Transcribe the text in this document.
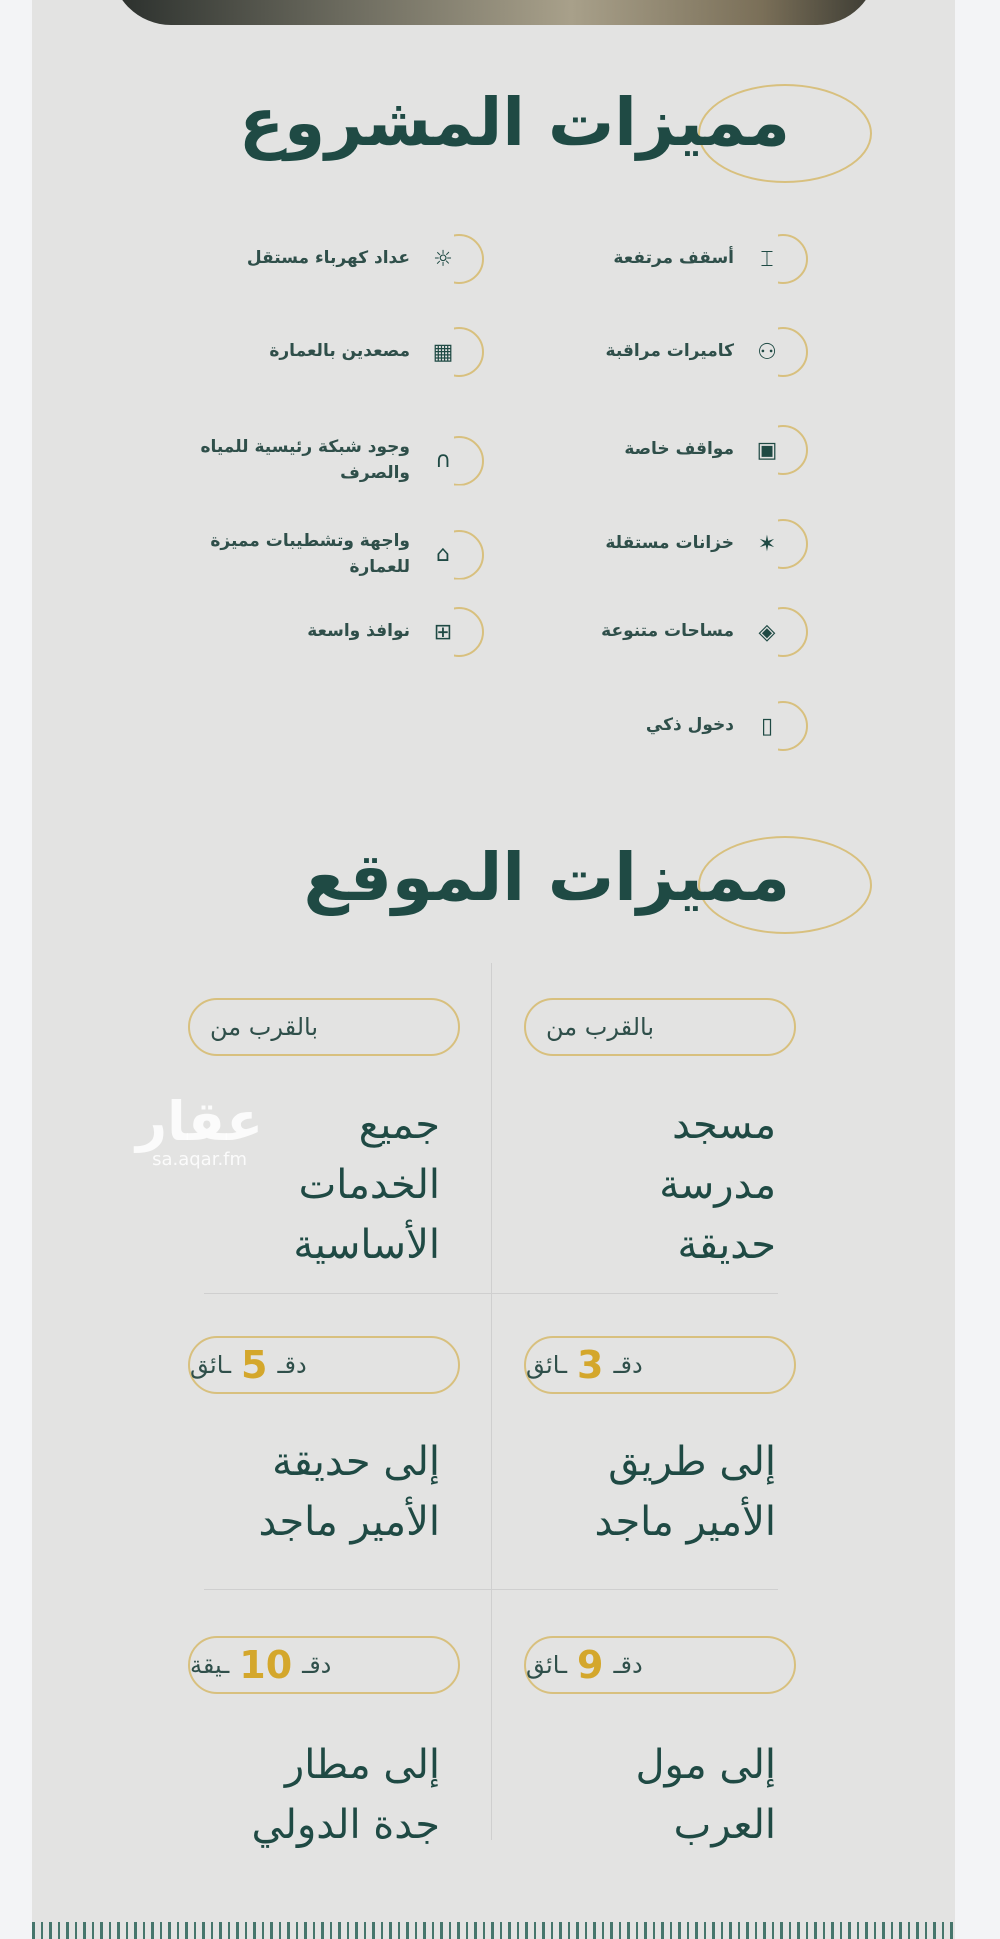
مميزات المشروع
⌶
أسقف مرتفعة
☼
عداد كهرباء مستقل
⚇
كاميرات مراقبة
▦
مصعدين بالعمارة
▣
مواقف خاصة
∩
وجود شبكة رئيسية للمياه والصرف
✶
خزانات مستقلة
⌂
واجهة وتشطيبات مميزة للعمارة
◈
مساحات متنوعة
⊞
نوافذ واسعة
▯
دخول ذكي
مميزات الموقع
بالقرب من
مسجد
مدرسة
حديقة
بالقرب من
جميع
الخدمات
الأساسية
دقـ
3
ـائق
إلى طريق
الأمير ماجد
دقـ
5
ـائق
إلى حديقة
الأمير ماجد
دقـ
9
ـائق
إلى مول
العرب
دقـ
10
ـيقة
إلى مطار
جدة الدولي
عقار
sa.aqar.fm
